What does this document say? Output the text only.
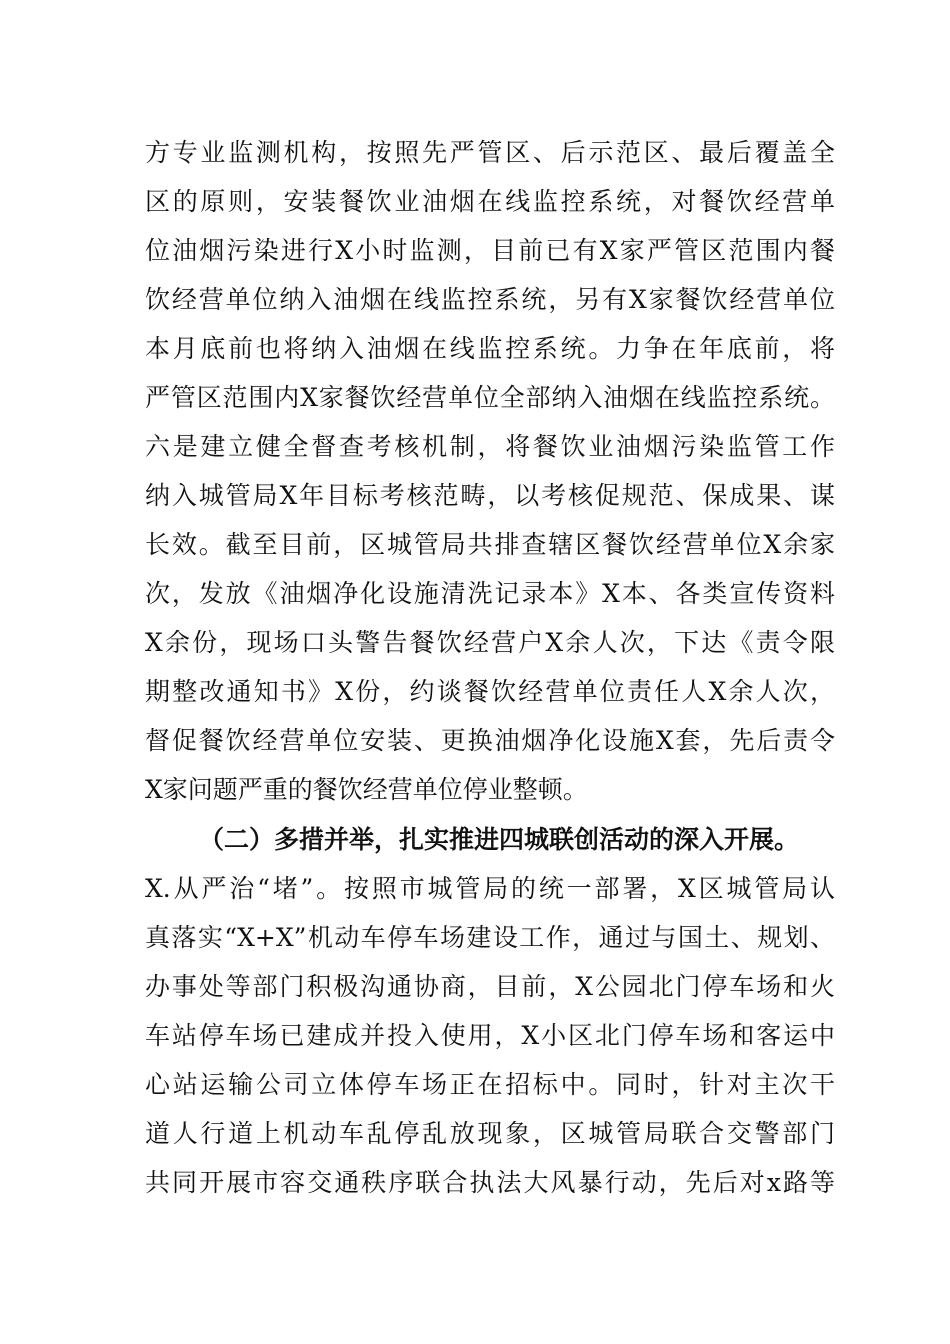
方专业监测机构，按照先严管区、后示范区、最后覆盖全
区的原则，安装餐饮业油烟在线监控系统，对餐饮经营单
位油烟污染进行X小时监测，目前已有X家严管区范围内餐
饮经营单位纳入油烟在线监控系统，另有X家餐饮经营单位
本月底前也将纳入油烟在线监控系统。力争在年底前，将
严管区范围内X家餐饮经营单位全部纳入油烟在线监控系统。
六是建立健全督查考核机制，将餐饮业油烟污染监管工作
纳入城管局X年目标考核范畴，以考核促规范、保成果、谋
长效。截至目前，区城管局共排查辖区餐饮经营单位X余家
次，发放《油烟净化设施清洗记录本》X本、各类宣传资料
X余份，现场口头警告餐饮经营户X余人次，下达《责令限
期整改通知书》X份，约谈餐饮经营单位责任人X余人次，
督促餐饮经营单位安装、更换油烟净化设施X套，先后责令
X家问题严重的餐饮经营单位停业整顿。
（二）多措并举，扎实推进四城联创活动的深入开展。
X.从严治“堵”。按照市城管局的统一部署，X区城管局认
真落实“X+X”机动车停车场建设工作，通过与国土、规划、
办事处等部门积极沟通协商，目前，X公园北门停车场和火
车站停车场已建成并投入使用，X小区北门停车场和客运中
心站运输公司立体停车场正在招标中。同时，针对主次干
道人行道上机动车乱停乱放现象，区城管局联合交警部门
共同开展市容交通秩序联合执法大风暴行动，先后对x路等
